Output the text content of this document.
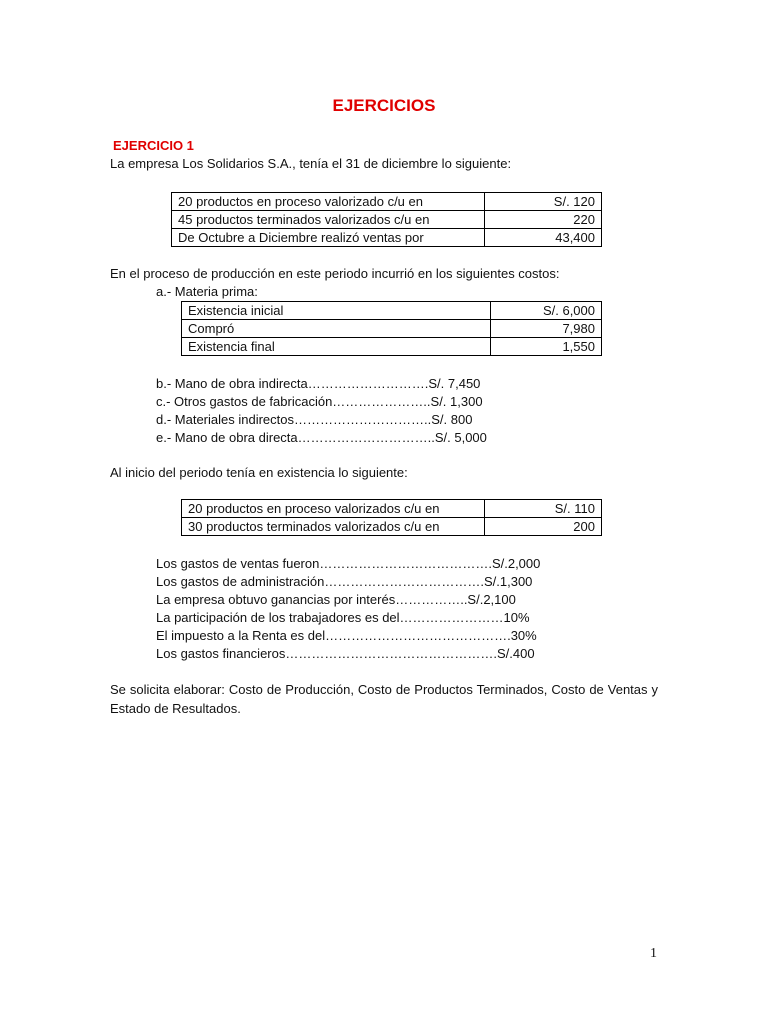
EJERCICIOS
EJERCICIO 1
La empresa Los Solidarios S.A., tenía el 31 de diciembre lo siguiente:
20 productos en proceso valorizado c/u en	S/. 120
45 productos terminados valorizados c/u en	220
De Octubre a Diciembre realizó ventas por	43,400
En el proceso de producción en este periodo incurrió en los siguientes costos:
a.- Materia prima:
Existencia inicial	S/. 6,000
Compró	7,980
Existencia final	1,550
b.- Mano de obra indirecta……………………….S/. 7,450
c.- Otros gastos de fabricación…………………..S/. 1,300
d.- Materiales indirectos…………………………..S/. 800
e.- Mano de obra directa…………………………..S/. 5,000
Al inicio del periodo tenía en existencia lo siguiente:
20 productos en proceso valorizados c/u en	S/. 110
30 productos terminados valorizados c/u en	200
Los gastos de ventas fueron………………………………….S/.2,000
Los gastos de administración……………………………….S/.1,300
La empresa obtuvo ganancias por interés……………..S/.2,100
La participación de los trabajadores es del……………………10%
El impuesto a la Renta es del…………………………………….30%
Los gastos financieros………………………………………….S/.400
Se solicita elaborar: Costo de Producción, Costo de Productos Terminados, Costo de Ventas y Estado de Resultados.
1
